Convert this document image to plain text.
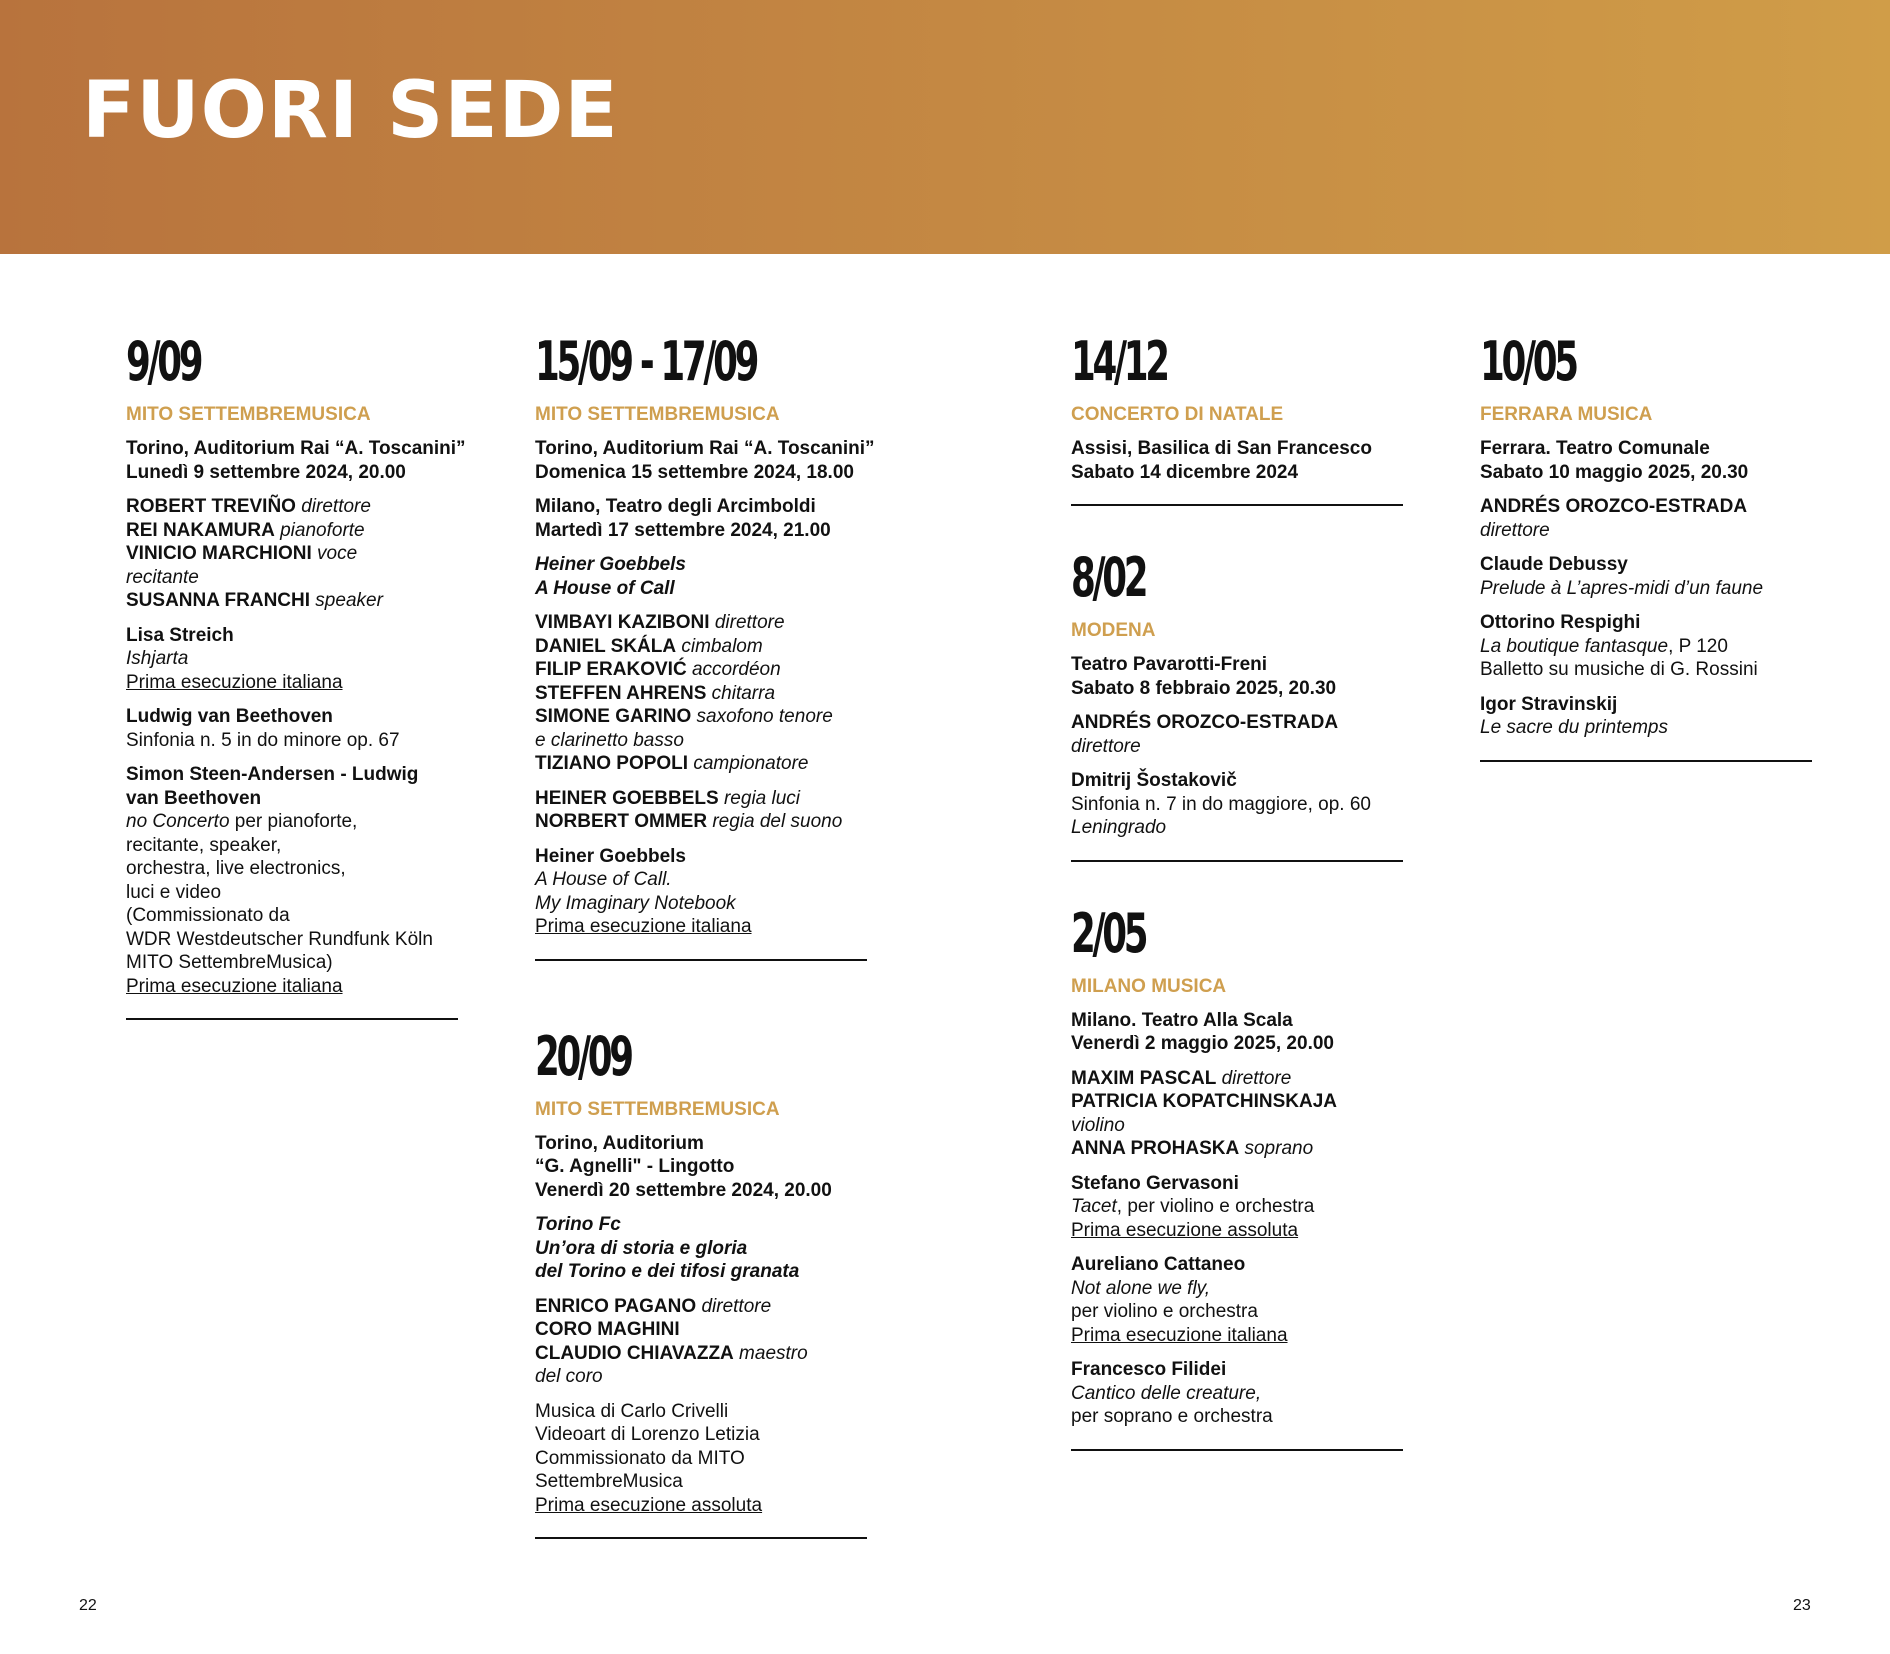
FUORI SEDE
9/09
MITO SETTEMBREMUSICA
Torino, Auditorium Rai “A. Toscanini”
Lunedì 9 settembre 2024, 20.00
ROBERT TREVIÑO direttore
REI NAKAMURA pianoforte
VINICIO MARCHIONI voce
recitante
SUSANNA FRANCHI speaker
Lisa Streich
Ishjarta
Prima esecuzione italiana
Ludwig van Beethoven
Sinfonia n. 5 in do minore op. 67
Simon Steen-Andersen - Ludwig
van Beethoven
no Concerto per pianoforte,
recitante, speaker,
orchestra, live electronics,
luci e video
(Commissionato da
WDR Westdeutscher Rundfunk Köln
MITO SettembreMusica)
Prima esecuzione italiana
15/09 - 17/09
MITO SETTEMBREMUSICA
Torino, Auditorium Rai “A. Toscanini”
Domenica 15 settembre 2024, 18.00
Milano, Teatro degli Arcimboldi
Martedì 17 settembre 2024, 21.00
Heiner Goebbels
A House of Call
VIMBAYI KAZIBONI direttore
DANIEL SKÁLA cimbalom
FILIP ERAKOVIĆ accordéon
STEFFEN AHRENS chitarra
SIMONE GARINO saxofono tenore
e clarinetto basso
TIZIANO POPOLI campionatore
HEINER GOEBBELS regia luci
NORBERT OMMER regia del suono
Heiner Goebbels
A House of Call.
My Imaginary Notebook
Prima esecuzione italiana
20/09
MITO SETTEMBREMUSICA
Torino, Auditorium
“G. Agnelli" - Lingotto
Venerdì 20 settembre 2024, 20.00
Torino Fc
Un’ora di storia e gloria
del Torino e dei tifosi granata
ENRICO PAGANO direttore
CORO MAGHINI
CLAUDIO CHIAVAZZA maestro
del coro
Musica di Carlo Crivelli
Videoart di Lorenzo Letizia
Commissionato da MITO
SettembreMusica
Prima esecuzione assoluta
14/12
CONCERTO DI NATALE
Assisi, Basilica di San Francesco
Sabato 14 dicembre 2024
8/02
MODENA
Teatro Pavarotti-Freni
Sabato 8 febbraio 2025, 20.30
ANDRÉS OROZCO-ESTRADA
direttore
Dmitrij Šostakovič
Sinfonia n. 7 in do maggiore, op. 60
Leningrado
2/05
MILANO MUSICA
Milano. Teatro Alla Scala
Venerdì 2 maggio 2025, 20.00
MAXIM PASCAL direttore
PATRICIA KOPATCHINSKAJA
violino
ANNA PROHASKA soprano
Stefano Gervasoni
Tacet, per violino e orchestra
Prima esecuzione assoluta
Aureliano Cattaneo
Not alone we fly,
per violino e orchestra
Prima esecuzione italiana
Francesco Filidei
Cantico delle creature,
per soprano e orchestra
10/05
FERRARA MUSICA
Ferrara. Teatro Comunale
Sabato 10 maggio 2025, 20.30
ANDRÉS OROZCO-ESTRADA
direttore
Claude Debussy
Prelude à L’apres-midi d’un faune
Ottorino Respighi
La boutique fantasque, P 120
Balletto su musiche di G. Rossini
Igor Stravinskij
Le sacre du printemps
22	23
